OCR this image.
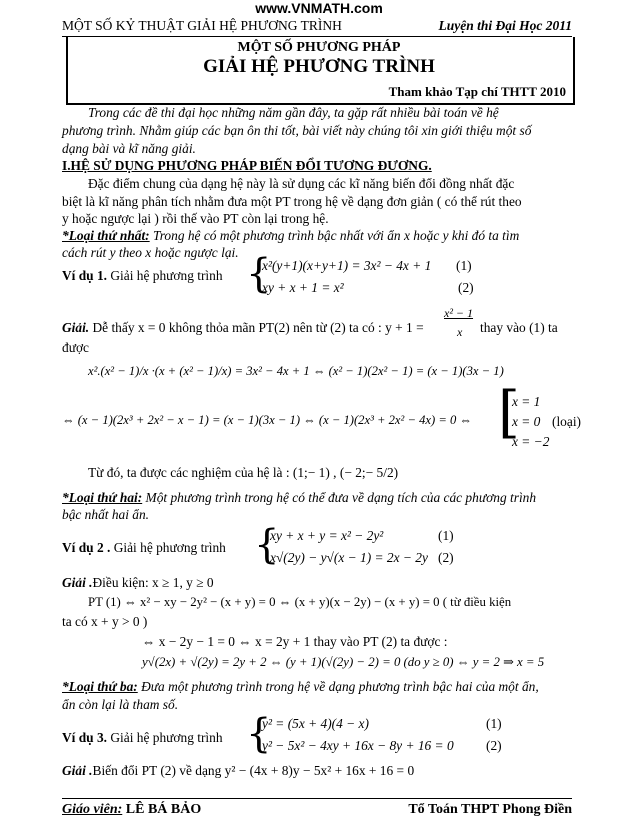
www.VNMATH.com
MỘT SỐ KỶ THUẬT GIẢI HỆ PHƯƠNG TRÌNH	Luyện thi Đại Học 2011
MỘT SỐ PHƯƠNG PHÁP
GIẢI HỆ PHƯƠNG TRÌNH
Tham khảo Tạp chí THTT 2010
Trong các đề thi đại học những năm gần đây, ta gặp rất nhiều bài toán về hệ
phương trình. Nhằm giúp các bạn ôn thi tốt, bài viết này chúng tôi xin giới thiệu một số
dạng bài và kĩ năng giải.
I.HỆ SỬ DỤNG PHƯƠNG PHÁP BIẾN ĐỔI TƯƠNG ĐƯƠNG.
Đặc điểm chung của dạng hệ này là sử dụng các kĩ năng biến đổi đồng nhất đặc
biệt là kĩ năng phân tích nhằm đưa một PT trong hệ về dạng đơn giản ( có thể rút theo
y hoặc ngược lại ) rồi thế vào PT còn lại trong hệ.
*Loại thứ nhất: Trong hệ có một phương trình bậc nhất với ẩn x hoặc y khi đó ta tìm
cách rút y theo x hoặc ngược lại.
Ví dụ 1. Giải hệ phương trình {
x²(y+1)(x+y+1) = 3x² − 4x + 1 (1)
xy + x + 1 = x²	(2)
Giải. Dễ thấy x = 0 không thỏa mãn PT(2) nên từ (2) ta có : y + 1 =
x² − 1
x thay vào (1) ta
được
x².(x² − 1)/x ·(x + (x² − 1)/x) = 3x² − 4x + 1 ⇔ (x² − 1)(2x² − 1) = (x − 1)(3x − 1)
⇔ (x − 1)(2x³ + 2x² − x − 1) = (x − 1)(3x − 1) ⇔ (x − 1)(2x³ + 2x² − 4x) = 0 ⇔ [
x = 1
x = 0 (loại)
x = −2
Từ đó, ta được các nghiệm của hệ là : (1;− 1) , (− 2;− 5/2)
*Loại thứ hai: Một phương trình trong hệ có thể đưa về dạng tích của các phương trình
bậc nhất hai ẩn.
Ví dụ 2 . Giải hệ phương trình {
xy + x + y = x² − 2y²	(1)
x√(2y) − y√(x − 1) = 2x − 2y (2)
Giải .Điều kiện: x ≥ 1, y ≥ 0
PT (1) ⇔ x² − xy − 2y² − (x + y) = 0 ⇔ (x + y)(x − 2y) − (x + y) = 0 ( từ điều kiện
ta có x + y > 0 )
⇔ x − 2y − 1 = 0 ⇔ x = 2y + 1 thay vào PT (2) ta được :
y√(2x) + √(2y) = 2y + 2 ⇔ (y + 1)(√(2y) − 2) = 0 (do y ≥ 0) ⇔ y = 2 ⇒ x = 5
*Loại thứ ba: Đưa một phương trình trong hệ về dạng phương trình bậc hai của một ẩn,
ẩn còn lại là tham số.
Ví dụ 3. Giải hệ phương trình {
y² = (5x + 4)(4 − x)	(1)
y² − 5x² − 4xy + 16x − 8y + 16 = 0 (2)
Giải .Biến đổi PT (2) về dạng y² − (4x + 8)y − 5x² + 16x + 16 = 0
Giáo viên: LÊ BÁ BẢO	Tổ Toán THPT Phong Điền
